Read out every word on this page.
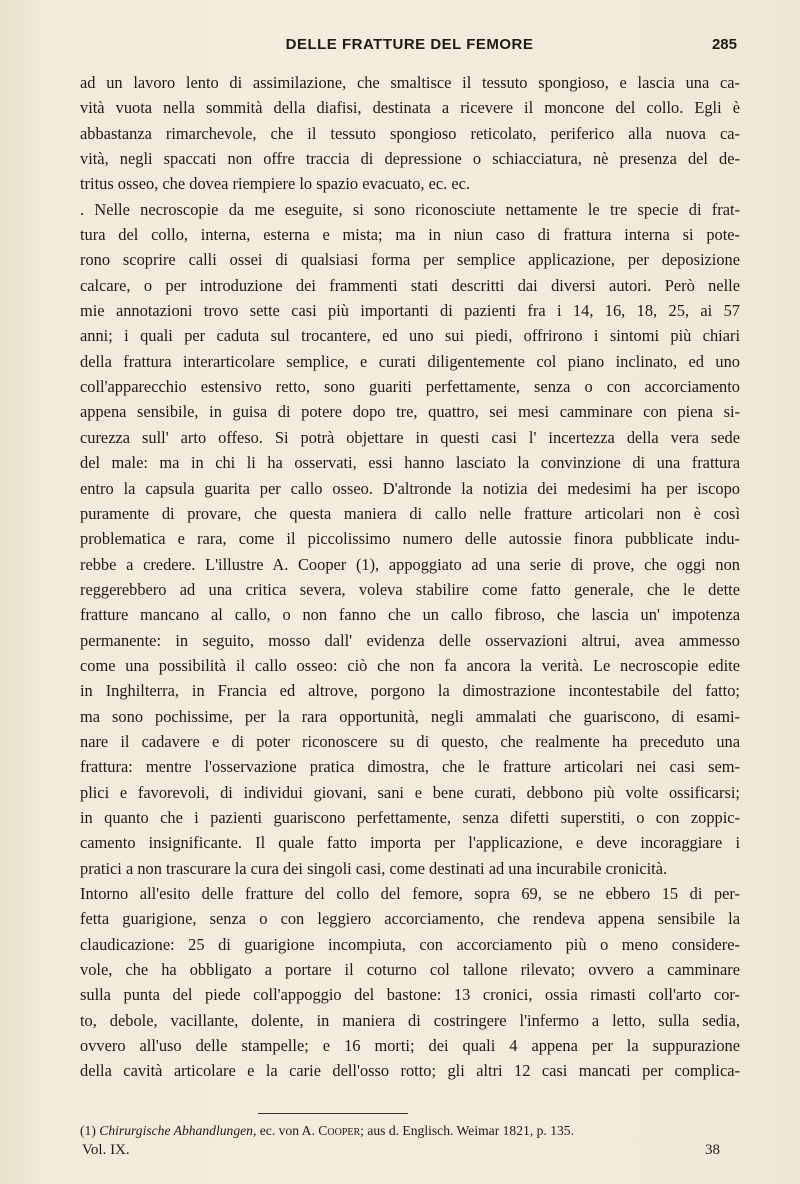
DELLE FRATTURE DEL FEMORE	285
ad un lavoro lento di assimilazione, che smaltisce il tessuto spongioso, e lascia una ca-
vità vuota nella sommità della diafisi, destinata a ricevere il moncone del collo. Egli è
abbastanza rimarchevole, che il tessuto spongioso reticolato, periferico alla nuova ca-
vità, negli spaccati non offre traccia di depressione o schiacciatura, nè presenza del de-
tritus osseo, che dovea riempiere lo spazio evacuato, ec. ec.
. Nelle necroscopie da me eseguite, si sono riconosciute nettamente le tre specie di frat-
tura del collo, interna, esterna e mista; ma in niun caso di frattura interna si pote-
rono scoprire calli ossei di qualsiasi forma per semplice applicazione, per deposizione
calcare, o per introduzione dei frammenti stati descritti dai diversi autori. Però nelle
mie annotazioni trovo sette casi più importanti di pazienti fra i 14, 16, 18, 25, ai 57
anni; i quali per caduta sul trocantere, ed uno sui piedi, offrirono i sintomi più chiari
della frattura interarticolare semplice, e curati diligentemente col piano inclinato, ed uno
coll'apparecchio estensivo retto, sono guariti perfettamente, senza o con accorciamento
appena sensibile, in guisa di potere dopo tre, quattro, sei mesi camminare con piena si-
curezza sull' arto offeso. Si potrà objettare in questi casi l' incertezza della vera sede
del male: ma in chi li ha osservati, essi hanno lasciato la convinzione di una frattura
entro la capsula guarita per callo osseo. D'altronde la notizia dei medesimi ha per iscopo
puramente di provare, che questa maniera di callo nelle fratture articolari non è così
problematica e rara, come il piccolissimo numero delle autossie finora pubblicate indu-
rebbe a credere. L'illustre A. Cooper (1), appoggiato ad una serie di prove, che oggi non
reggerebbero ad una critica severa, voleva stabilire come fatto generale, che le dette
fratture mancano al callo, o non fanno che un callo fibroso, che lascia un' impotenza
permanente: in seguito, mosso dall' evidenza delle osservazioni altrui, avea ammesso
come una possibilità il callo osseo: ciò che non fa ancora la verità. Le necroscopie edite
in Inghilterra, in Francia ed altrove, porgono la dimostrazione incontestabile del fatto;
ma sono pochissime, per la rara opportunità, negli ammalati che guariscono, di esami-
nare il cadavere e di poter riconoscere su di questo, che realmente ha preceduto una
frattura: mentre l'osservazione pratica dimostra, che le fratture articolari nei casi sem-
plici e favorevoli, di individui giovani, sani e bene curati, debbono più volte ossificarsi;
in quanto che i pazienti guariscono perfettamente, senza difetti superstiti, o con zoppic-
camento insignificante. Il quale fatto importa per l'applicazione, e deve incoraggiare i
pratici a non trascurare la cura dei singoli casi, come destinati ad una incurabile cronicità.
Intorno all'esito delle fratture del collo del femore, sopra 69, se ne ebbero 15 di per-
fetta guarigione, senza o con leggiero accorciamento, che rendeva appena sensibile la
claudicazione: 25 di guarigione incompiuta, con accorciamento più o meno considere-
vole, che ha obbligato a portare il coturno col tallone rilevato; ovvero a camminare
sulla punta del piede coll'appoggio del bastone: 13 cronici, ossia rimasti coll'arto cor-
to, debole, vacillante, dolente, in maniera di costringere l'infermo a letto, sulla sedia,
ovvero all'uso delle stampelle; e 16 morti; dei quali 4 appena per la suppurazione
della cavità articolare e la carie dell'osso rotto; gli altri 12 casi mancati per complica-
(1) Chirurgische Abhandlungen, ec. von A. Cooper; aus d. Englisch. Weimar 1821, p. 135.
Vol. IX.	38
